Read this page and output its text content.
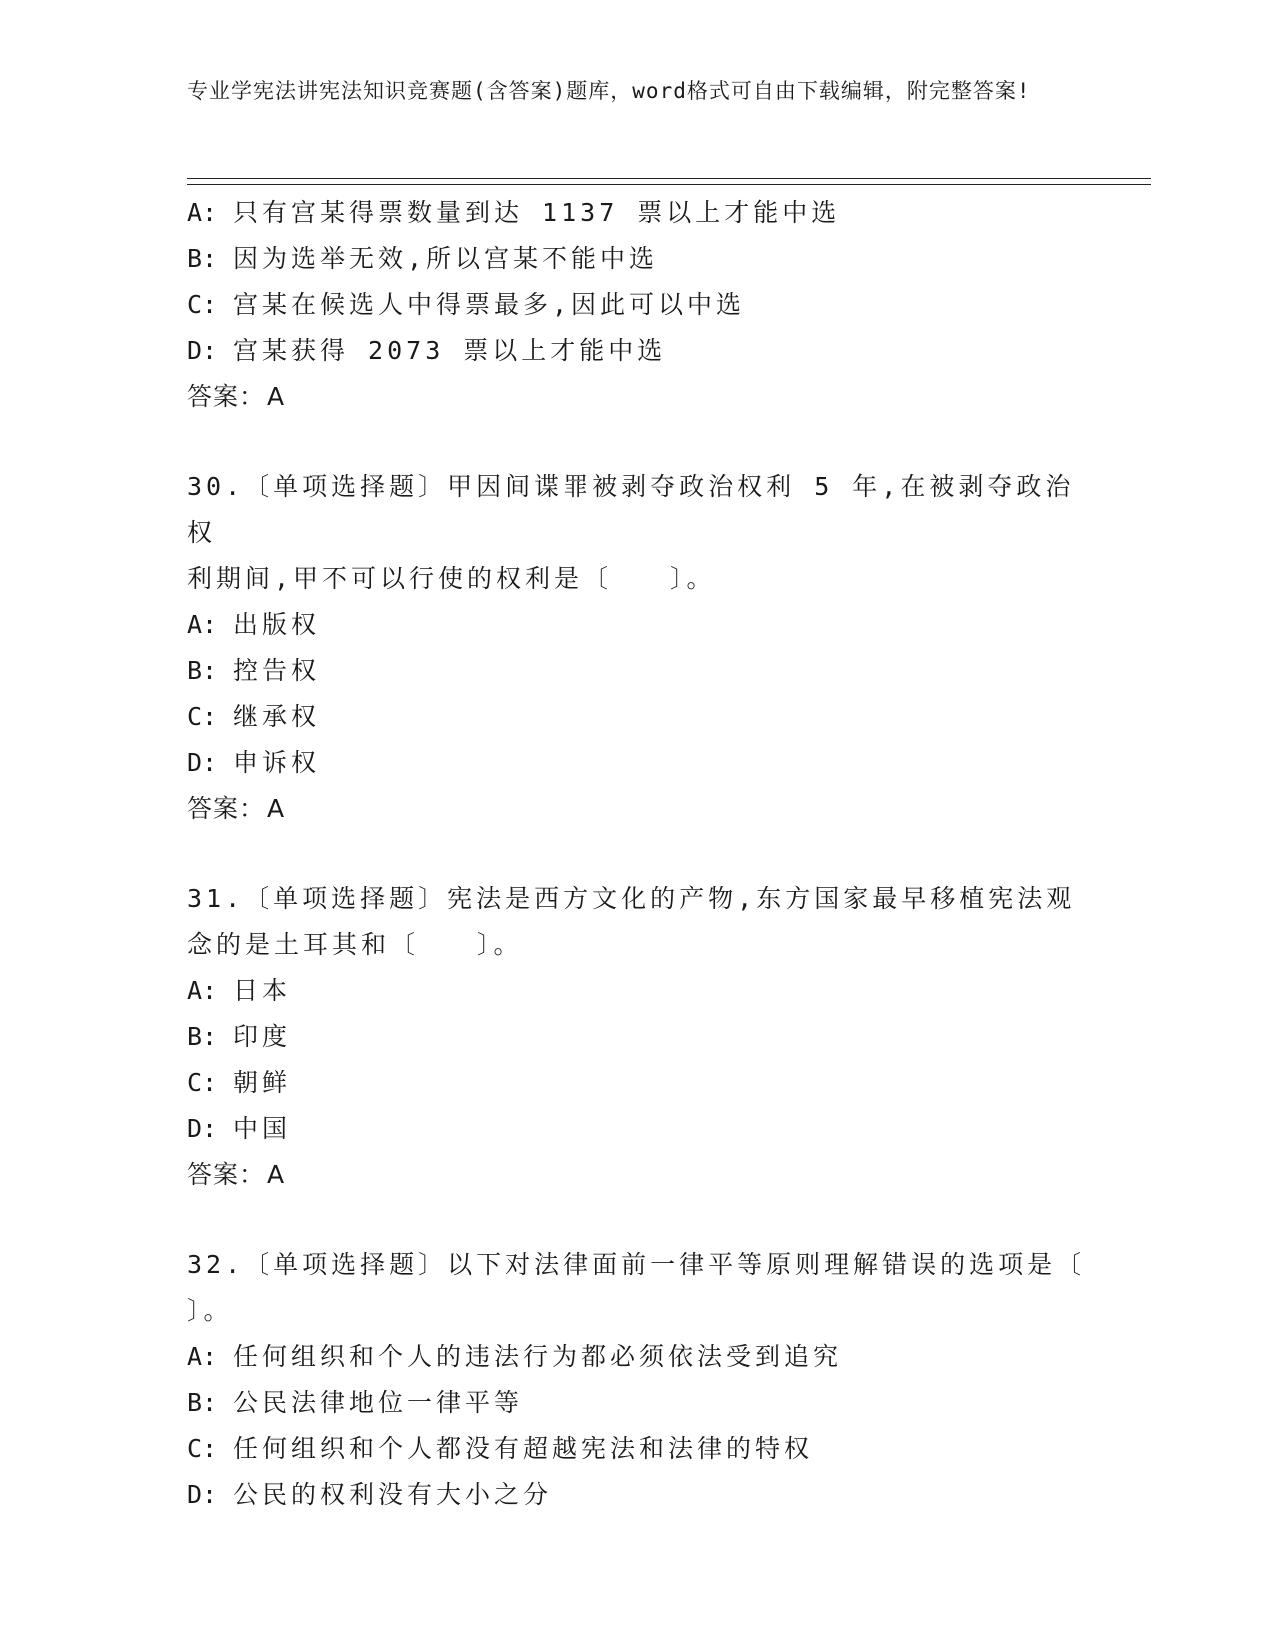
专业学宪法讲宪法知识竞赛题(含答案)题库，word格式可自由下载编辑，附完整答案!
A: 只有宫某得票数量到达 1137 票以上才能中选
B: 因为选举无效,所以宫某不能中选
C: 宫某在候选人中得票最多,因此可以中选
D: 宫某获得 2073 票以上才能中选
答案：A
30.〔单项选择题〕甲因间谍罪被剥夺政治权利 5 年,在被剥夺政治权
利期间,甲不可以行使的权利是〔　　〕。
A: 出版权
B: 控告权
C: 继承权
D: 申诉权
答案：A
31.〔单项选择题〕宪法是西方文化的产物,东方国家最早移植宪法观
念的是土耳其和〔　　〕。
A: 日本
B: 印度
C: 朝鲜
D: 中国
答案：A
32.〔单项选择题〕以下对法律面前一律平等原则理解错误的选项是〔
〕。
A: 任何组织和个人的违法行为都必须依法受到追究
B: 公民法律地位一律平等
C: 任何组织和个人都没有超越宪法和法律的特权
D: 公民的权利没有大小之分
